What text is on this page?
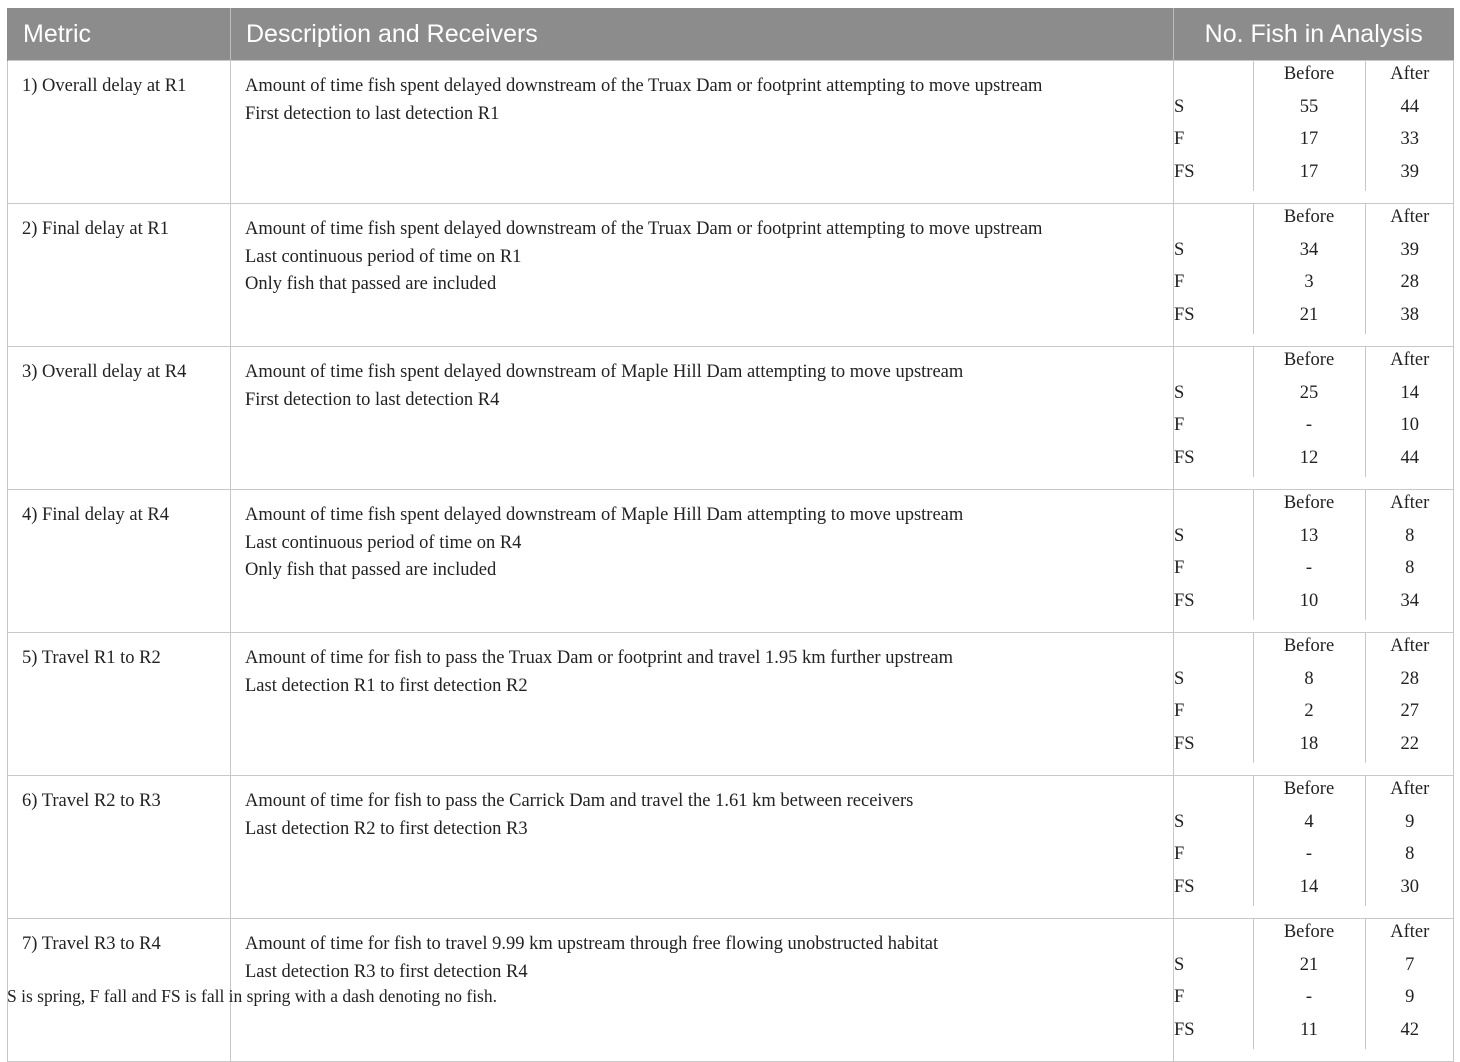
Metric	Description and Receivers	No. Fish in Analysis
1) Overall delay at R1	Amount of time fish spent delayed downstream of the Truax Dam or footprint attempting to move upstream
First detection to last detection R1

	Before	After
S	55	44
F	17	33
FS	17	39

2) Final delay at R1	Amount of time fish spent delayed downstream of the Truax Dam or footprint attempting to move upstream
Last continuous period of time on R1
Only fish that passed are included

	Before	After
S	34	39
F	3	28
FS	21	38

3) Overall delay at R4	Amount of time fish spent delayed downstream of Maple Hill Dam attempting to move upstream
First detection to last detection R4

	Before	After
S	25	14
F	-	10
FS	12	44

4) Final delay at R4	Amount of time fish spent delayed downstream of Maple Hill Dam attempting to move upstream
Last continuous period of time on R4
Only fish that passed are included

	Before	After
S	13	8
F	-	8
FS	10	34

5) Travel R1 to R2	Amount of time for fish to pass the Truax Dam or footprint and travel 1.95 km further upstream
Last detection R1 to first detection R2

	Before	After
S	8	28
F	2	27
FS	18	22

6) Travel R2 to R3	Amount of time for fish to pass the Carrick Dam and travel the 1.61 km between receivers
Last detection R2 to first detection R3

	Before	After
S	4	9
F	-	8
FS	14	30

7) Travel R3 to R4	Amount of time for fish to travel 9.99 km upstream through free flowing unobstructed habitat
Last detection R3 to first detection R4

	Before	After
S	21	7
F	-	9
FS	11	42
S is spring, F fall and FS is fall in spring with a dash denoting no fish.
